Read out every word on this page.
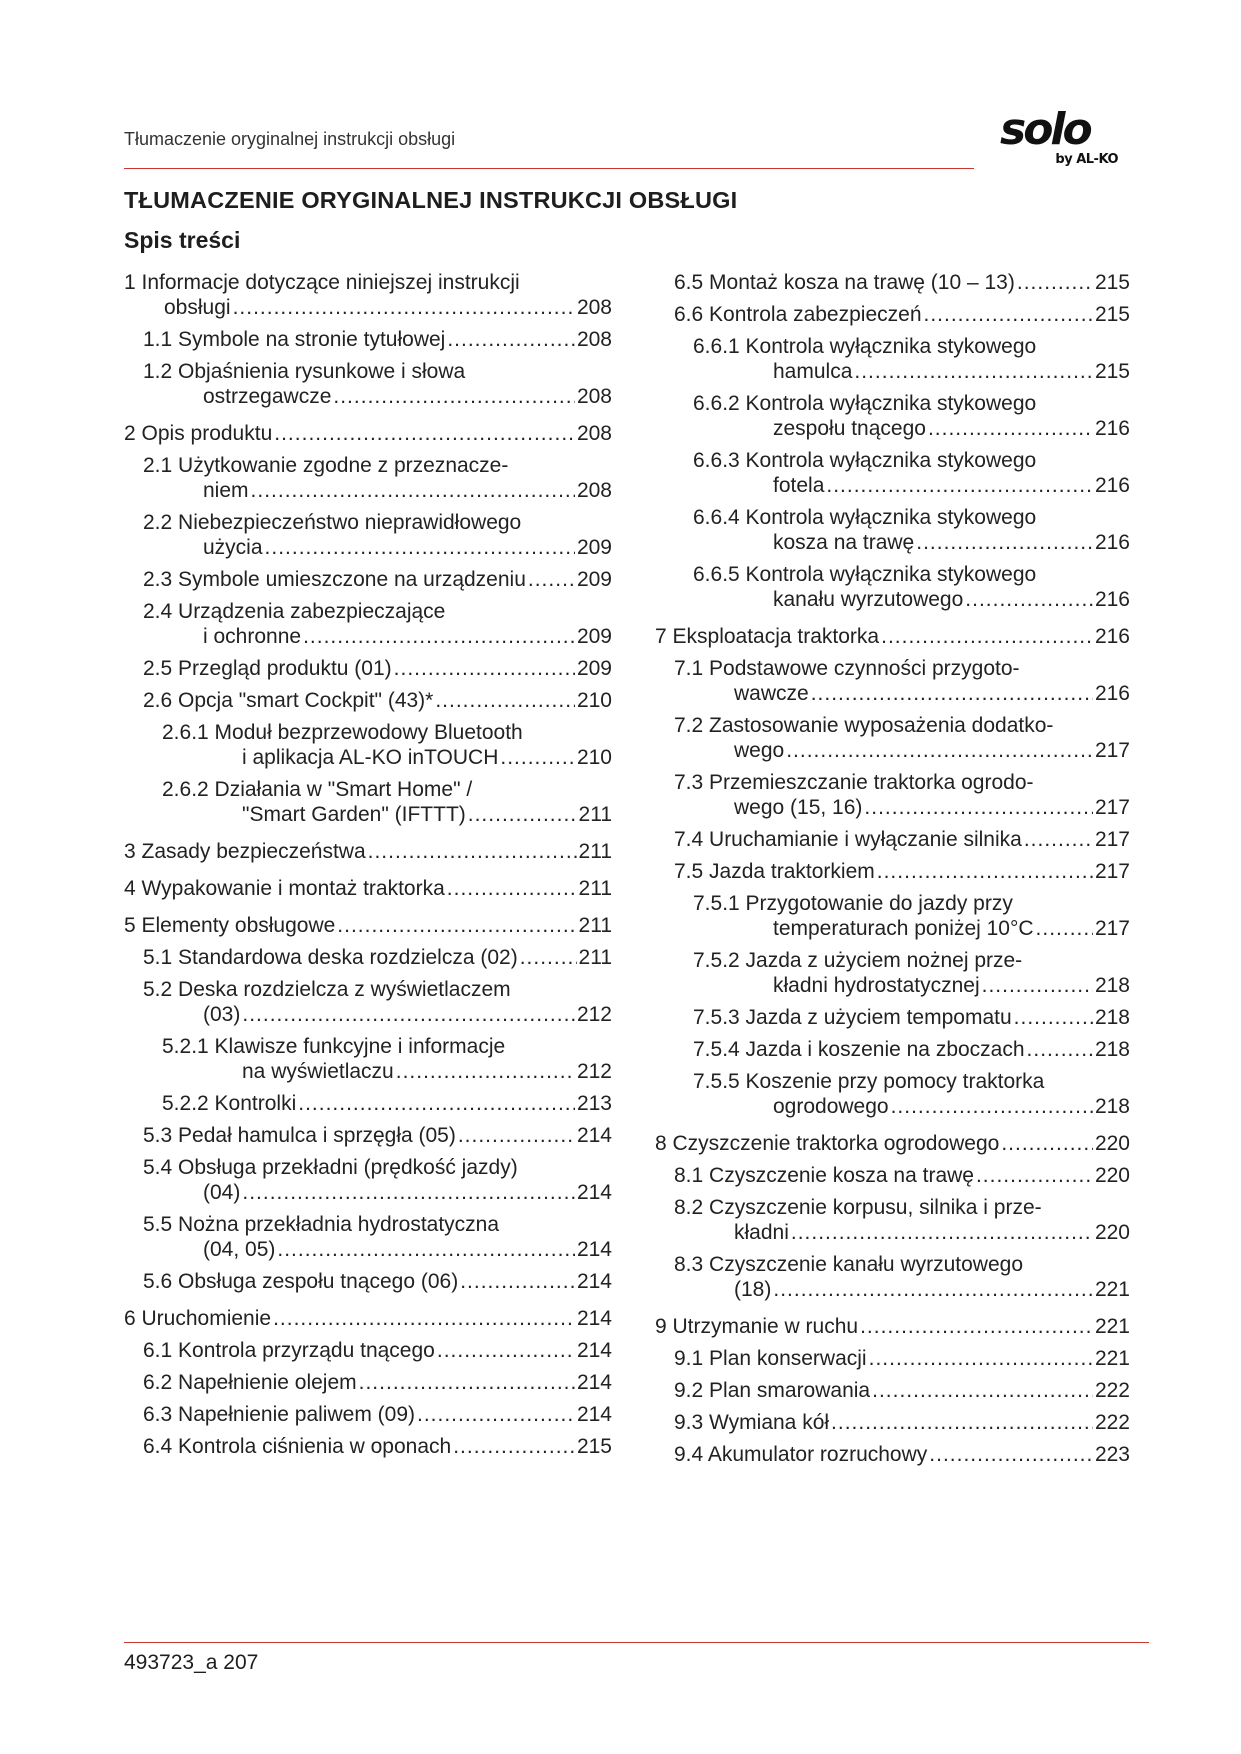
Tłumaczenie oryginalnej instrukcji obsługi	solo
by AL-KO
TŁUMACZENIE ORYGINALNEJ INSTRUKCJI OBSŁUGI
Spis treści
1 Informacje dotyczące niniejszej instrukcji
obsługi .....	208
1.1 Symbole na stronie tytułowej .....	208
1.2 Objaśnienia rysunkowe i słowa
ostrzegawcze .....	208
2 Opis produktu .....	208
2.1 Użytkowanie zgodne z przeznacze-
niem .....	208
2.2 Niebezpieczeństwo nieprawidłowego
użycia .....	209
2.3 Symbole umieszczone na urządzeniu ..... 209
2.4 Urządzenia zabezpieczające
i ochronne .....	209
2.5 Przegląd produktu (01) .....	209
2.6 Opcja "smart Cockpit" (43)* .....	210
2.6.1 Moduł bezprzewodowy Bluetooth
i aplikacja AL-KO inTOUCH .....	210
2.6.2 Działania w "Smart Home" /
"Smart Garden" (IFTTT) .....	211
3 Zasady bezpieczeństwa .....	211
4 Wypakowanie i montaż traktorka .....	211
5 Elementy obsługowe .....	211
5.1 Standardowa deska rozdzielcza (02) .....	211
5.2 Deska rozdzielcza z wyświetlaczem
(03) .....	212
5.2.1 Klawisze funkcyjne i informacje
na wyświetlaczu .....	212
5.2.2 Kontrolki .....	213
5.3 Pedał hamulca i sprzęgła (05) .....	214
5.4 Obsługa przekładni (prędkość jazdy)
(04) .....	214
5.5 Nożna przekładnia hydrostatyczna
(04, 05) .....	214
5.6 Obsługa zespołu tnącego (06) .....	214
6 Uruchomienie .....	214
6.1 Kontrola przyrządu tnącego .....	214
6.2 Napełnienie olejem .....	214
6.3 Napełnienie paliwem (09) .....	214
6.4 Kontrola ciśnienia w oponach .....	215
6.5 Montaż kosza na trawę (10 – 13) .....	215
6.6 Kontrola zabezpieczeń .....	215
6.6.1 Kontrola wyłącznika stykowego
hamulca .....	215
6.6.2 Kontrola wyłącznika stykowego
zespołu tnącego .....	216
6.6.3 Kontrola wyłącznika stykowego
fotela .....	216
6.6.4 Kontrola wyłącznika stykowego
kosza na trawę .....	216
6.6.5 Kontrola wyłącznika stykowego
kanału wyrzutowego .....	216
7 Eksploatacja traktorka .....	216
7.1 Podstawowe czynności przygoto-
wawcze .....	216
7.2 Zastosowanie wyposażenia dodatko-
wego .....	217
7.3 Przemieszczanie traktorka ogrodo-
wego (15, 16) .....	217
7.4 Uruchamianie i wyłączanie silnika .....	217
7.5 Jazda traktorkiem .....	217
7.5.1 Przygotowanie do jazdy przy
temperaturach poniżej 10°C .....	217
7.5.2 Jazda z użyciem nożnej prze-
kładni hydrostatycznej .....	218
7.5.3 Jazda z użyciem tempomatu .....	218
7.5.4 Jazda i koszenie na zboczach .....	218
7.5.5 Koszenie przy pomocy traktorka
ogrodowego .....	218
8 Czyszczenie traktorka ogrodowego .....	220
8.1 Czyszczenie kosza na trawę .....	220
8.2 Czyszczenie korpusu, silnika i prze-
kładni .....	220
8.3 Czyszczenie kanału wyrzutowego
(18) .....	221
9 Utrzymanie w ruchu .....	221
9.1 Plan konserwacji .....	221
9.2 Plan smarowania .....	222
9.3 Wymiana kół .....	222
9.4 Akumulator rozruchowy .....	223
493723_a 207
